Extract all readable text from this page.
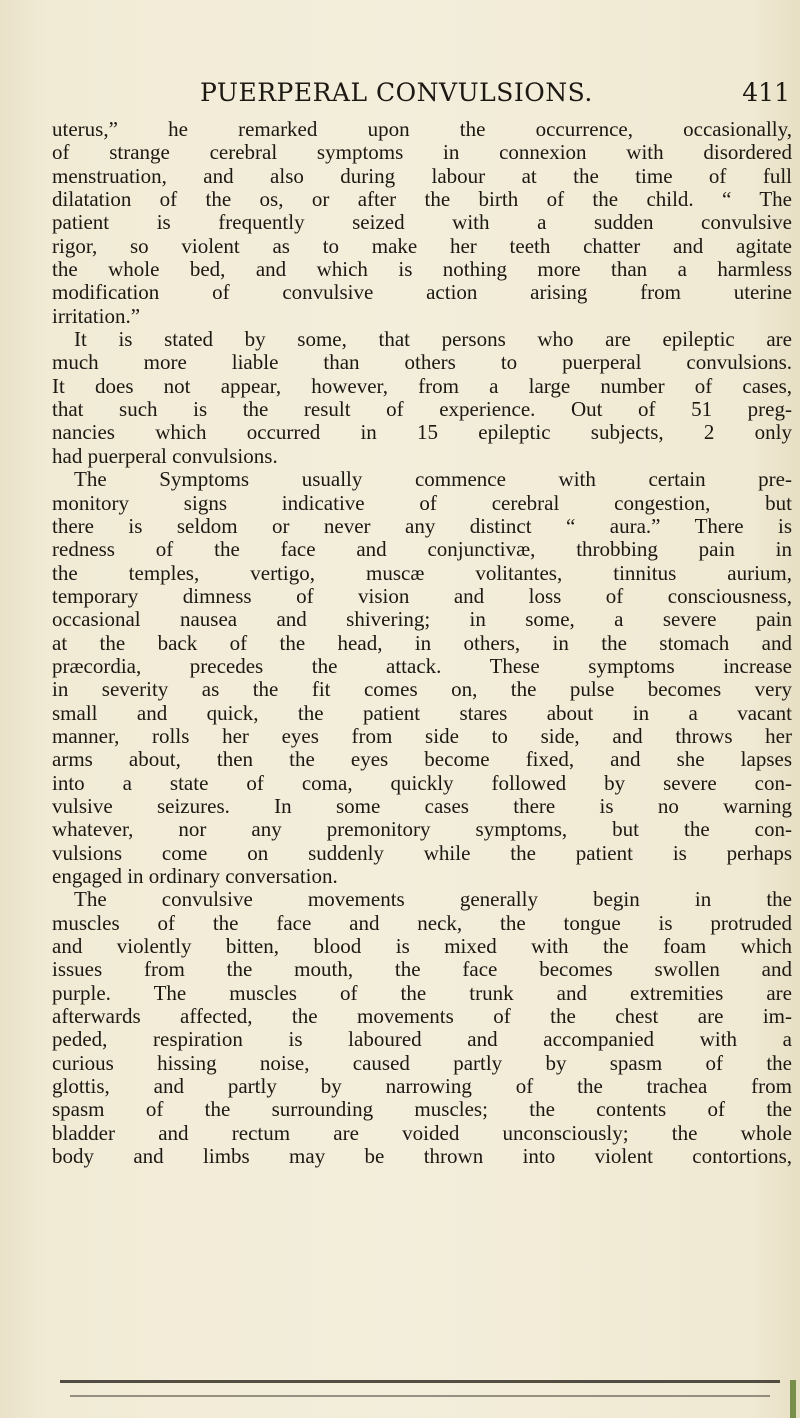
PUERPERAL CONVULSIONS.	411
uterus,” he remarked upon the occurrence, occasionally,
of strange cerebral symptoms in connexion with disordered
menstruation, and also during labour at the time of full
dilatation of the os, or after the birth of the child. “ The
patient is frequently seized with a sudden convulsive
rigor, so violent as to make her teeth chatter and agitate
the whole bed, and which is nothing more than a harmless
modification of convulsive action arising from uterine
irritation.”
It is stated by some, that persons who are epileptic are
much more liable than others to puerperal convulsions.
It does not appear, however, from a large number of cases,
that such is the result of experience. Out of 51 preg-
nancies which occurred in 15 epileptic subjects, 2 only
had puerperal convulsions.
The Symptoms usually commence with certain pre-
monitory signs indicative of cerebral congestion, but
there is seldom or never any distinct “ aura.” There is
redness of the face and conjunctivæ, throbbing pain in
the temples, vertigo, muscæ volitantes, tinnitus aurium,
temporary dimness of vision and loss of consciousness,
occasional nausea and shivering; in some, a severe pain
at the back of the head, in others, in the stomach and
præcordia, precedes the attack. These symptoms increase
in severity as the fit comes on, the pulse becomes very
small and quick, the patient stares about in a vacant
manner, rolls her eyes from side to side, and throws her
arms about, then the eyes become fixed, and she lapses
into a state of coma, quickly followed by severe con-
vulsive seizures. In some cases there is no warning
whatever, nor any premonitory symptoms, but the con-
vulsions come on suddenly while the patient is perhaps
engaged in ordinary conversation.
The convulsive movements generally begin in the
muscles of the face and neck, the tongue is protruded
and violently bitten, blood is mixed with the foam which
issues from the mouth, the face becomes swollen and
purple. The muscles of the trunk and extremities are
afterwards affected, the movements of the chest are im-
peded, respiration is laboured and accompanied with a
curious hissing noise, caused partly by spasm of the
glottis, and partly by narrowing of the trachea from
spasm of the surrounding muscles; the contents of the
bladder and rectum are voided unconsciously; the whole
body and limbs may be thrown into violent contortions,
